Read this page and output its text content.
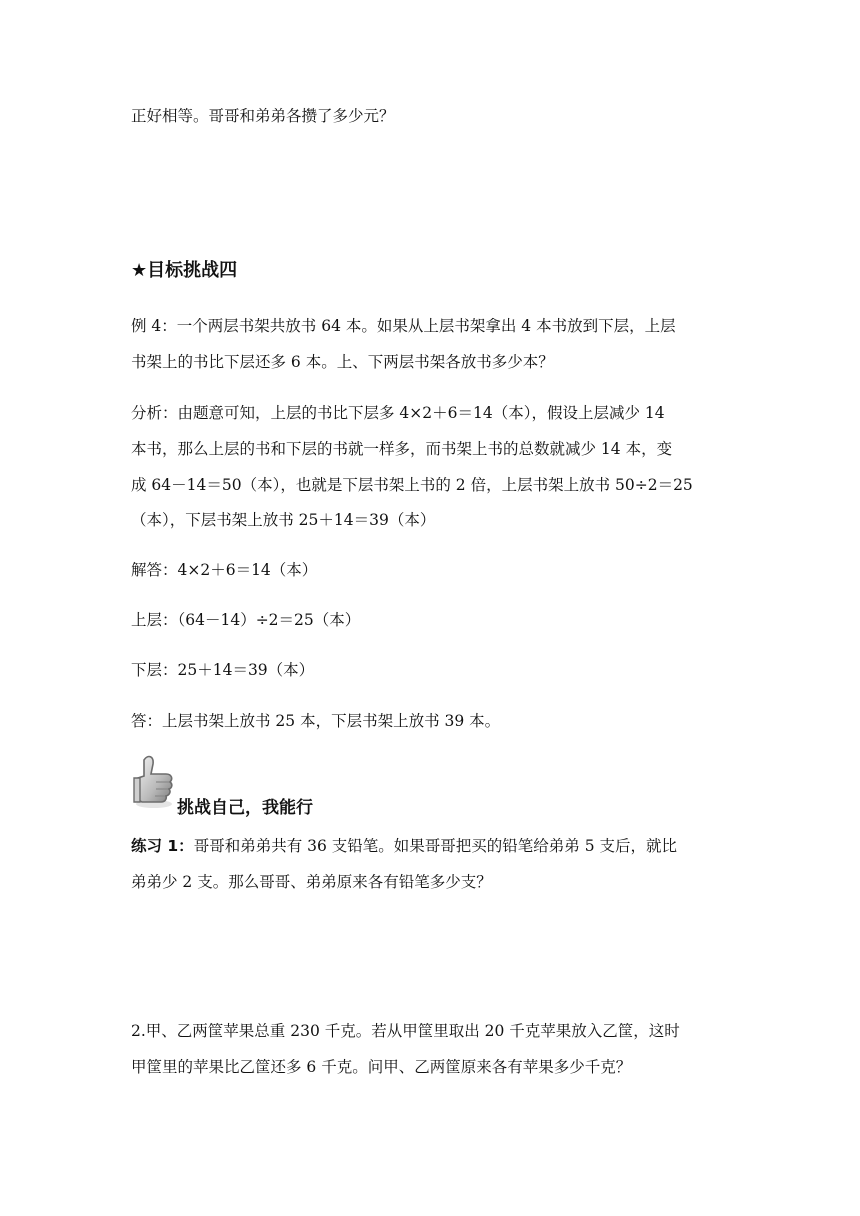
正好相等。哥哥和弟弟各攒了多少元？
★目标挑战四
例 4：一个两层书架共放书 64 本。如果从上层书架拿出 4 本书放到下层，上层
书架上的书比下层还多 6 本。上、下两层书架各放书多少本？
分析：由题意可知，上层的书比下层多 4×2＋6＝14（本），假设上层减少 14
本书，那么上层的书和下层的书就一样多，而书架上书的总数就减少 14 本，变
成 64－14＝50（本），也就是下层书架上书的 2 倍，上层书架上放书 50÷2＝25
（本），下层书架上放书 25＋14＝39（本）
解答：4×2＋6＝14（本）
上层：（64－14）÷2＝25（本）
下层：25＋14＝39（本）
答：上层书架上放书 25 本，下层书架上放书 39 本。
挑战自己，我能行
练习 1：哥哥和弟弟共有 36 支铅笔。如果哥哥把买的铅笔给弟弟 5 支后，就比
弟弟少 2 支。那么哥哥、弟弟原来各有铅笔多少支？
2.甲、乙两筐苹果总重 230 千克。若从甲筐里取出 20 千克苹果放入乙筐，这时
甲筐里的苹果比乙筐还多 6 千克。问甲、乙两筐原来各有苹果多少千克？
